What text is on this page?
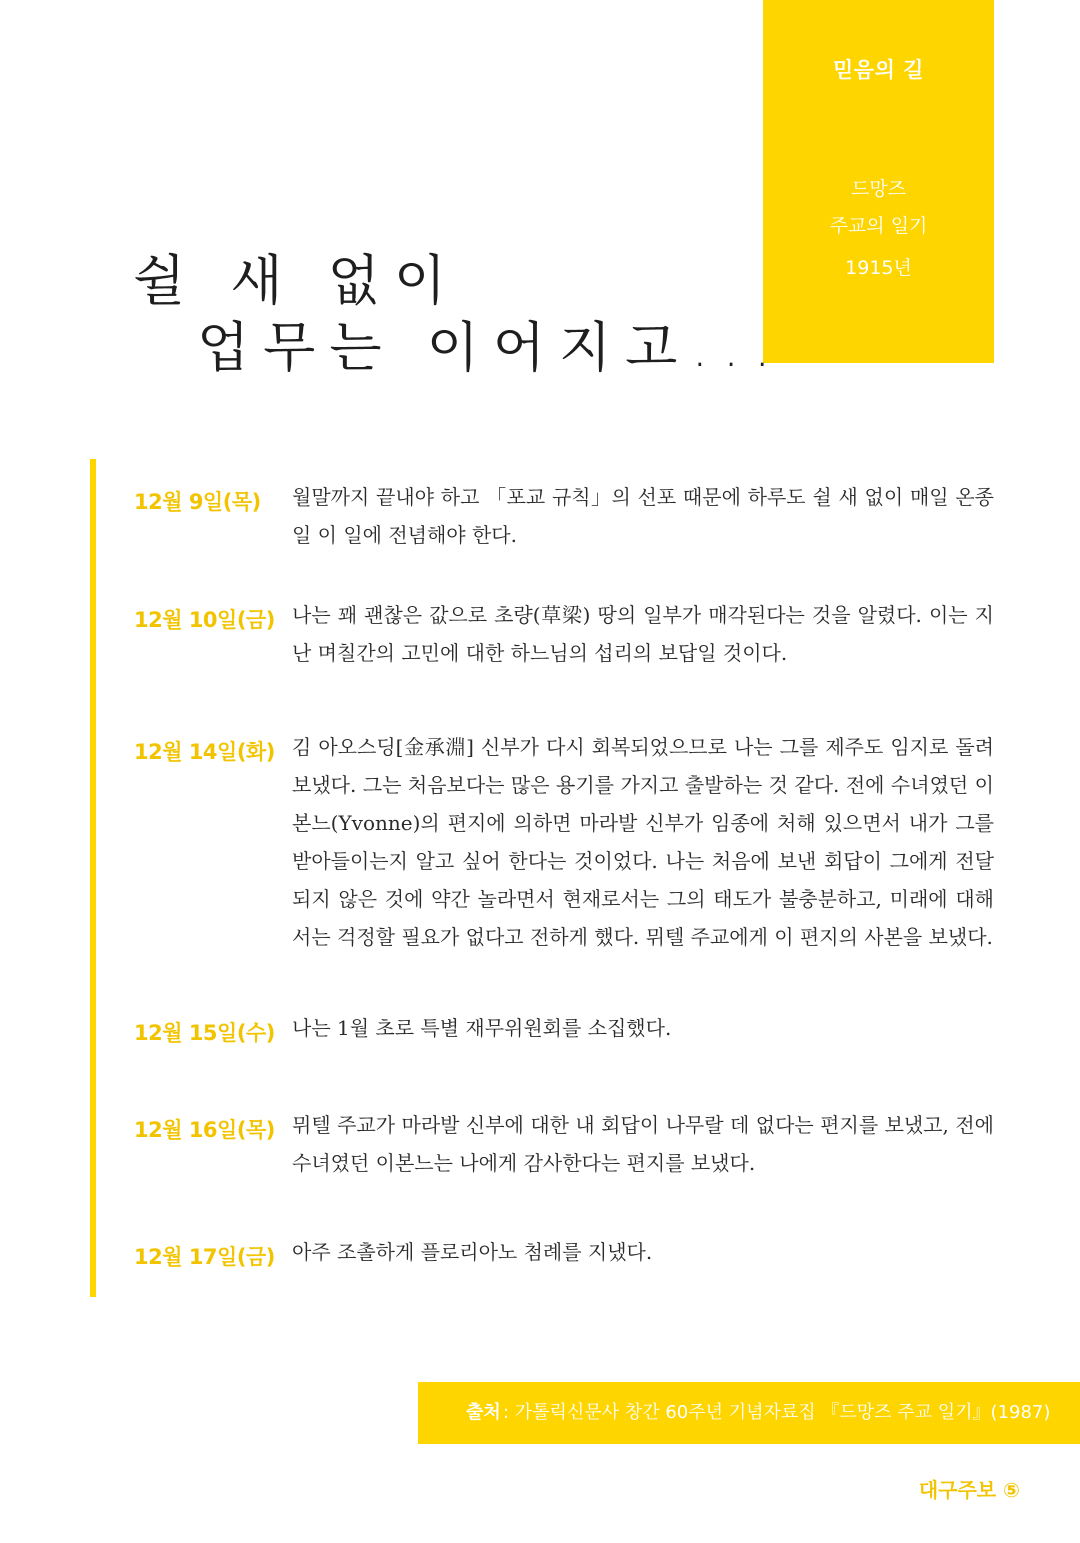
믿음의 길
드망즈
주교의 일기
1915년
쉴 새 없이
업무는 이어지고...
12월 9일(목) 월말까지 끝내야 하고 「포교 규칙」의 선포 때문에 하루도 쉴 새 없이 매일 온종일 이 일에 전념해야 한다.
12월 10일(금) 나는 꽤 괜찮은 값으로 초량(草梁) 땅의 일부가 매각된다는 것을 알렸다. 이는 지난 며칠간의 고민에 대한 하느님의 섭리의 보답일 것이다.
12월 14일(화) 김 아오스딩[金承淵] 신부가 다시 회복되었으므로 나는 그를 제주도 임지로 돌려보냈다. 그는 처음보다는 많은 용기를 가지고 출발하는 것 같다. 전에 수녀였던 이본느(Yvonne)의 편지에 의하면 마라발 신부가 임종에 처해 있으면서 내가 그를 받아들이는지 알고 싶어 한다는 것이었다. 나는 처음에 보낸 회답이 그에게 전달되지 않은 것에 약간 놀라면서 현재로서는 그의 태도가 불충분하고, 미래에 대해서는 걱정할 필요가 없다고 전하게 했다. 뮈텔 주교에게 이 편지의 사본을 보냈다.
12월 15일(수) 나는 1월 초로 특별 재무위원회를 소집했다.
12월 16일(목) 뮈텔 주교가 마라발 신부에 대한 내 회답이 나무랄 데 없다는 편지를 보냈고, 전에 수녀였던 이본느는 나에게 감사한다는 편지를 보냈다.
12월 17일(금) 아주 조촐하게 플로리아노 첨례를 지냈다.
출처 : 가톨릭신문사 창간 60주년 기념자료집 『드망즈 주교 일기』(1987)
대구주보 ⑤
